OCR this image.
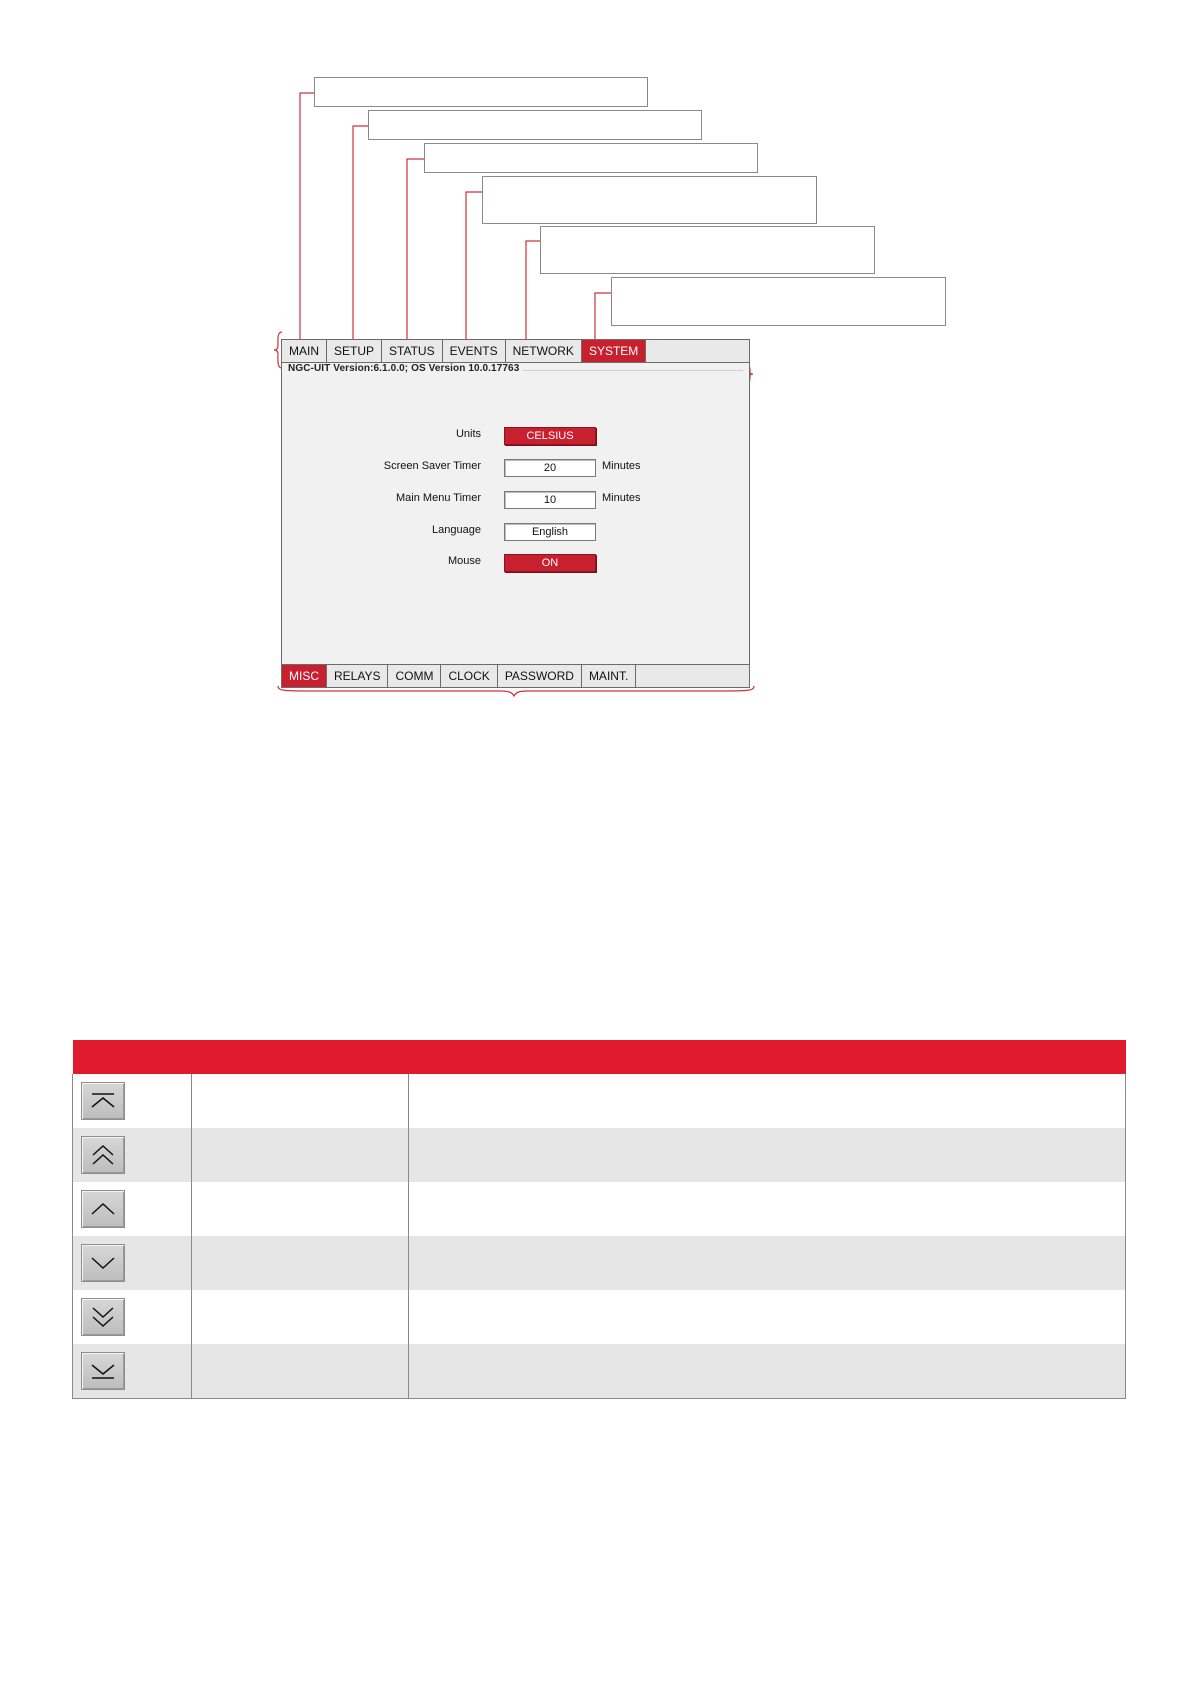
MAIN	SETUP	STATUS	EVENTS	NETWORK	SYSTEM
NGC-UIT Version:6.1.0.0; OS Version 10.0.17763
Units	CELSIUS
Screen Saver Timer	20	Minutes
Main Menu Timer	10	Minutes
Language	English
Mouse	ON
MISC	RELAYS	COMM	CLOCK	PASSWORD	MAINT.
